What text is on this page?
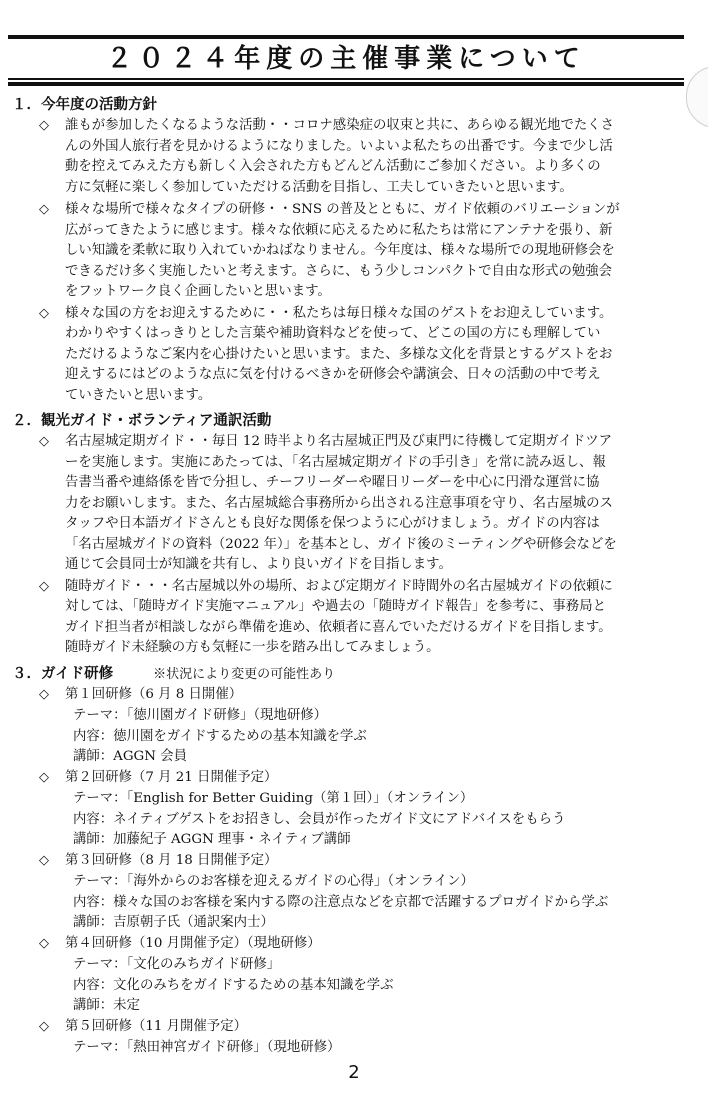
２０２４年度の主催事業について
１．今年度の活動方針
◇ 誰もが参加したくなるような活動・・コロナ感染症の収束と共に、あらゆる観光地でたくさ
んの外国人旅行者を見かけるようになりました。いよいよ私たちの出番です。今まで少し活
動を控えてみえた方も新しく入会された方もどんどん活動にご参加ください。より多くの
方に気軽に楽しく参加していただける活動を目指し、工夫していきたいと思います。
◇ 様々な場所で様々なタイプの研修・・SNS の普及とともに、ガイド依頼のバリエーションが
広がってきたように感じます。様々な依頼に応えるために私たちは常にアンテナを張り、新
しい知識を柔軟に取り入れていかねばなりません。今年度は、様々な場所での現地研修会を
できるだけ多く実施したいと考えます。さらに、もう少しコンパクトで自由な形式の勉強会
をフットワーク良く企画したいと思います。
◇ 様々な国の方をお迎えするために・・私たちは毎日様々な国のゲストをお迎えしています。
わかりやすくはっきりとした言葉や補助資料などを使って、どこの国の方にも理解してい
ただけるようなご案内を心掛けたいと思います。また、多様な文化を背景とするゲストをお
迎えするにはどのような点に気を付けるべきかを研修会や講演会、日々の活動の中で考え
ていきたいと思います。
２．観光ガイド・ボランティア通訳活動
◇ 名古屋城定期ガイド・・毎日 12 時半より名古屋城正門及び東門に待機して定期ガイドツア
ーを実施します。実施にあたっては、「名古屋城定期ガイドの手引き」を常に読み返し、報
告書当番や連絡係を皆で分担し、チーフリーダーや曜日リーダーを中心に円滑な運営に協
力をお願いします。また、名古屋城総合事務所から出される注意事項を守り、名古屋城のス
タッフや日本語ガイドさんとも良好な関係を保つように心がけましょう。ガイドの内容は
「名古屋城ガイドの資料（2022 年）」を基本とし、ガイド後のミーティングや研修会などを
通じて会員同士が知識を共有し、より良いガイドを目指します。
◇ 随時ガイド・・・名古屋城以外の場所、および定期ガイド時間外の名古屋城ガイドの依頼に
対しては、「随時ガイド実施マニュアル」や過去の「随時ガイド報告」を参考に、事務局と
ガイド担当者が相談しながら準備を進め、依頼者に喜んでいただけるガイドを目指します。
随時ガイド未経験の方も気軽に一歩を踏み出してみましょう。
３．ガイド研修	※状況により変更の可能性あり
◇ 第１回研修（6 月 8 日開催）
テーマ：「徳川園ガイド研修」（現地研修）
内容：徳川園をガイドするための基本知識を学ぶ
講師：AGGN 会員
◇ 第２回研修（7 月 21 日開催予定）
テーマ：「English for Better Guiding（第１回）」（オンライン）
内容：ネイティブゲストをお招きし、会員が作ったガイド文にアドバイスをもらう
講師：加藤紀子 AGGN 理事・ネイティブ講師
◇ 第３回研修（8 月 18 日開催予定）
テーマ：「海外からのお客様を迎えるガイドの心得」（オンライン）
内容：様々な国のお客様を案内する際の注意点などを京都で活躍するプロガイドから学ぶ
講師：吉原朝子氏（通訳案内士）
◇ 第４回研修（10 月開催予定）（現地研修）
テーマ：「文化のみちガイド研修」
内容：文化のみちをガイドするための基本知識を学ぶ
講師：未定
◇ 第５回研修（11 月開催予定）
テーマ：「熱田神宮ガイド研修」（現地研修）
2
